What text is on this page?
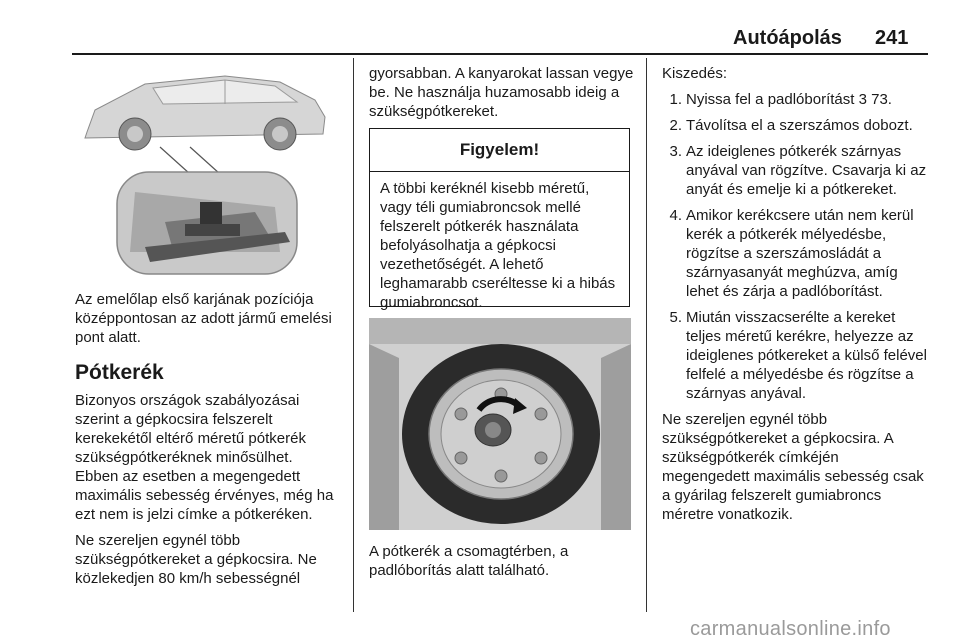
Autóápolás 241

Az emelőlap első karjának pozíciója középpontosan az adott jármű emelési pont alatt.

Pótkerék

Bizonyos országok szabályozásai szerint a gépkocsira felszerelt kerekekétől eltérő méretű pótkerék szükségpótkeréknek minősülhet. Ebben az esetben a megengedett maximális sebesség érvényes, még ha ezt nem is jelzi címke a pótkeréken.

Ne szereljen egynél több szükségpótkereket a gépkocsira. Ne közlekedjen 80 km/h sebességnél

gyorsabban. A kanyarokat lassan vegye be. Ne használja huzamosabb ideig a szükségpótkereket.

Figyelem!
A többi keréknél kisebb méretű, vagy téli gumiabroncsok mellé felszerelt pótkerék használata befolyásolhatja a gépkocsi vezethetőségét. A lehető leghamarabb cseréltesse ki a hibás gumiabroncsot.

A pótkerék a csomagtérben, a padlóborítás alatt található.

Kiszedés:

1. Nyissa fel a padlóborítást 3 73.
2. Távolítsa el a szerszámos dobozt.
3. Az ideiglenes pótkerék szárnyas anyával van rögzítve. Csavarja ki az anyát és emelje ki a pótkereket.
4. Amikor kerékcsere után nem kerül kerék a pótkerék mélyedésbe, rögzítse a szerszámosládát a szárnyasanyát meghúzva, amíg lehet és zárja a padlóborítást.
5. Miután visszacserélte a kereket teljes méretű kerékre, helyezze az ideiglenes pótkereket a külső felével felfelé a mélyedésbe és rögzítse a szárnyas anyával.

Ne szereljen egynél több szükségpótkereket a gépkocsira. A szükségpótkerék címkéjén megengedett maximális sebesség csak a gyárilag felszerelt gumiabroncs méretre vonatkozik.

carmanualsonline.info
